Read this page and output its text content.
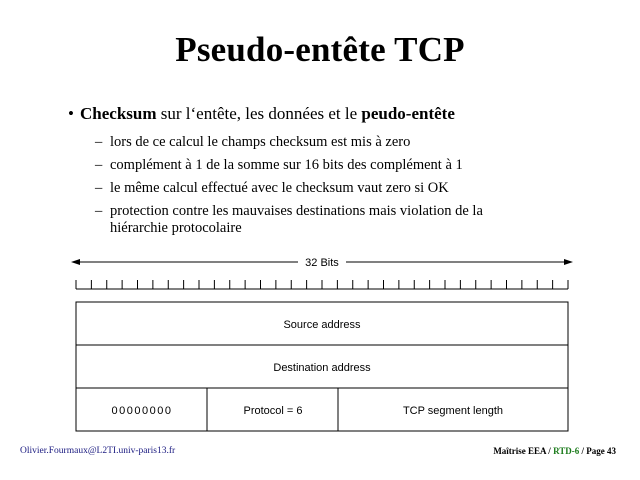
Pseudo-entête TCP
• Checksum sur l‘entête, les données et le peudo-entête
– lors de ce calcul le champs checksum est mis à zero
– complément à 1 de la somme sur 16 bits des complément à 1
– le même calcul effectué avec le checksum vaut zero si OK
– protection contre les mauvaises destinations mais violation de la
hiérarchie protocolaire
32 Bits
Source address
Destination address
00000000	Protocol = 6	TCP segment length
Olivier.Fourmaux@L2TI.univ-paris13.fr	Maîtrise EEA / RTD-6 / Page 43
